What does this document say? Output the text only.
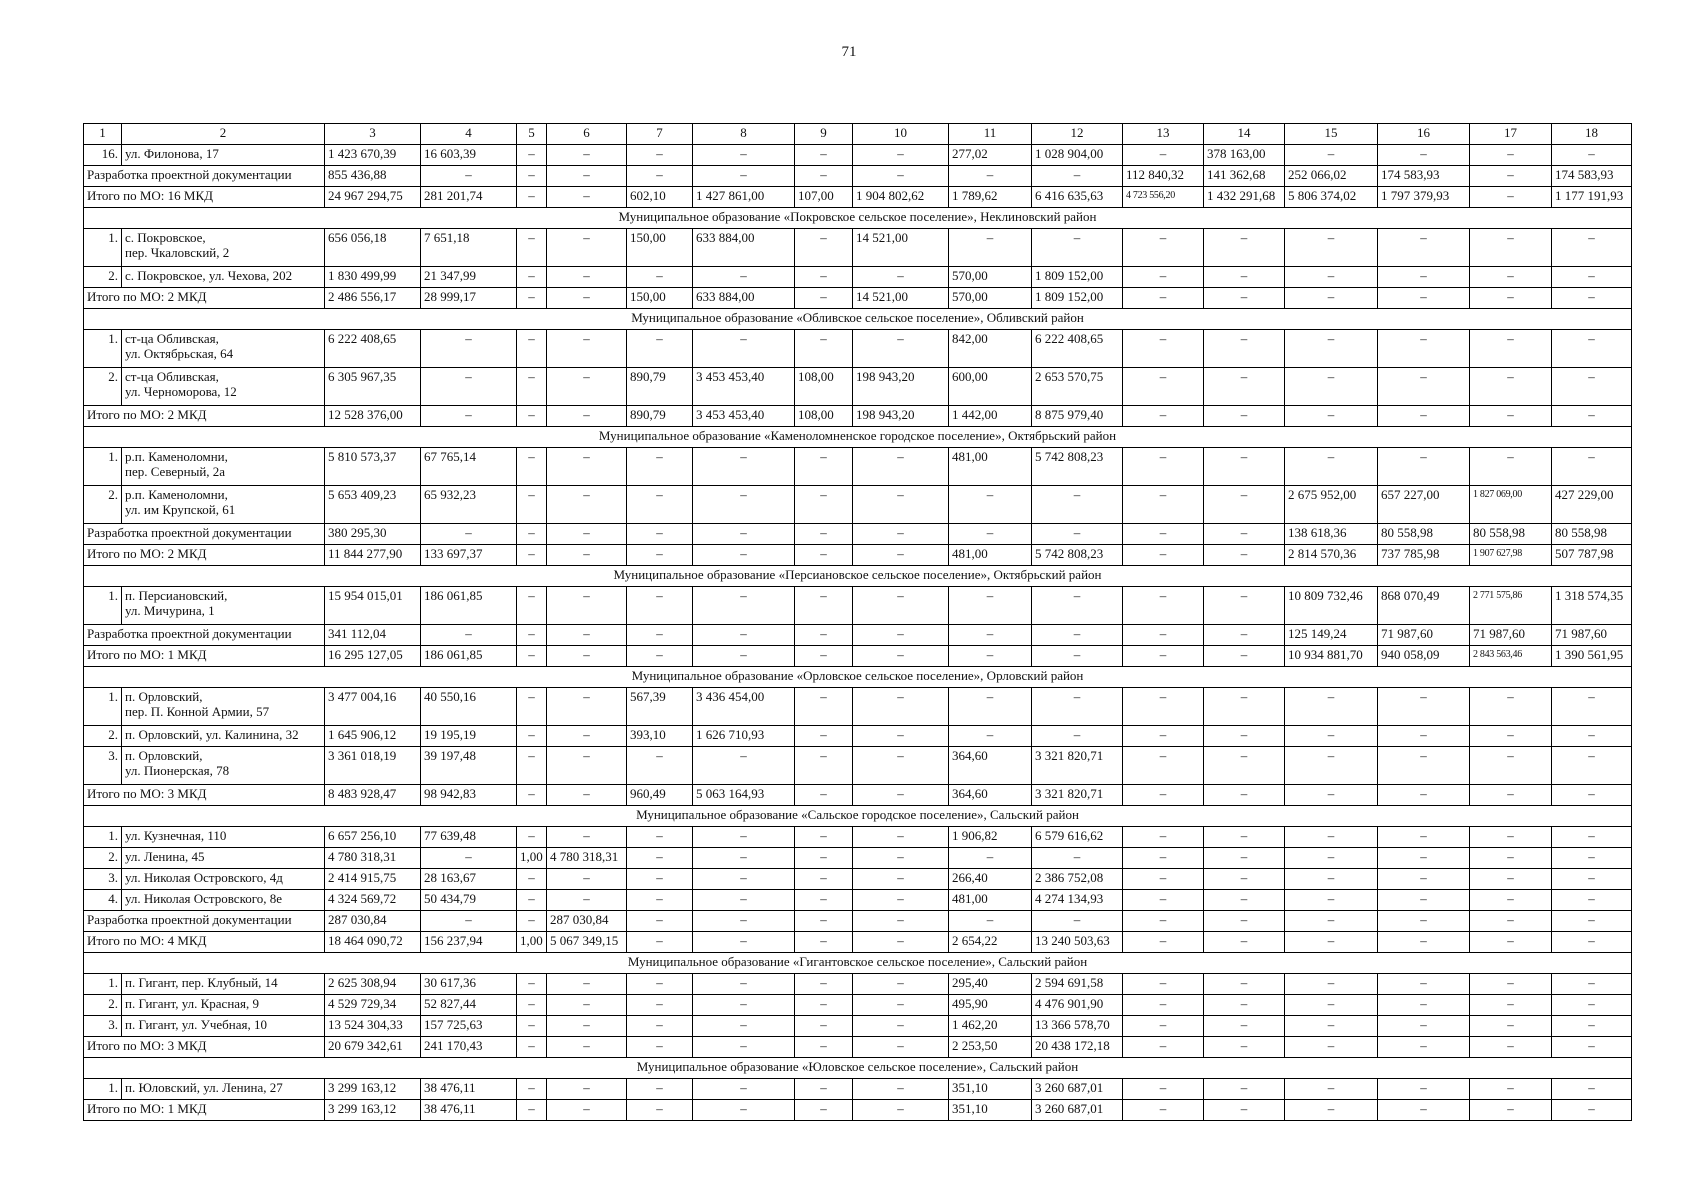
71
1	2	3	4	5	6	7	8	9	10	11	12	13	14	15	16	17	18
16.	ул. Филонова, 17	1 423 670,39	16 603,39	–	–	–	–	–	–	277,02	1 028 904,00	–	378 163,00	–	–	–	–
Разработка проектной документации		855 436,88	–	–	–	–	–	–	–	–	–	112 840,32	141 362,68	252 066,02	174 583,93	–	174 583,93
Итого по МО: 16 МКД		24 967 294,75	281 201,74	–	–	602,10	1 427 861,00	107,00	1 904 802,62	1 789,62	6 416 635,63	4 723 556,20	1 432 291,68	5 806 374,02	1 797 379,93	–	1 177 191,93
Муниципальное образование «Покровское сельское поселение», Неклиновский район																	
1.	с. Покровское,
пер. Чкаловский, 2	656 056,18	7 651,18	–	–	150,00	633 884,00	–	14 521,00	–	–	–	–	–	–	–	–
2.	с. Покровское, ул. Чехова, 202	1 830 499,99	21 347,99	–	–	–	–	–	–	570,00	1 809 152,00	–	–	–	–	–	–
Итого по МО: 2 МКД		2 486 556,17	28 999,17	–	–	150,00	633 884,00	–	14 521,00	570,00	1 809 152,00	–	–	–	–	–	–
Муниципальное образование «Обливское сельское поселение», Обливский район																	
1.	ст-ца Обливская,
ул. Октябрьская, 64	6 222 408,65	–	–	–	–	–	–	–	842,00	6 222 408,65	–	–	–	–	–	–
2.	ст-ца Обливская,
ул. Черноморова, 12	6 305 967,35	–	–	–	890,79	3 453 453,40	108,00	198 943,20	600,00	2 653 570,75	–	–	–	–	–	–
Итого по МО: 2 МКД		12 528 376,00	–	–	–	890,79	3 453 453,40	108,00	198 943,20	1 442,00	8 875 979,40	–	–	–	–	–	–
Муниципальное образование «Каменоломненское городское поселение», Октябрьский район																	
1.	р.п. Каменоломни,
пер. Северный, 2а	5 810 573,37	67 765,14	–	–	–	–	–	–	481,00	5 742 808,23	–	–	–	–	–	–
2.	р.п. Каменоломни,
ул. им Крупской, 61	5 653 409,23	65 932,23	–	–	–	–	–	–	–	–	–	–	2 675 952,00	657 227,00	1 827 069,00	427 229,00
Разработка проектной документации		380 295,30	–	–	–	–	–	–	–	–	–	–	–	138 618,36	80 558,98	80 558,98	80 558,98
Итого по МО: 2 МКД		11 844 277,90	133 697,37	–	–	–	–	–	–	481,00	5 742 808,23	–	–	2 814 570,36	737 785,98	1 907 627,98	507 787,98
Муниципальное образование «Персиановское сельское поселение», Октябрьский район																	
1.	п. Персиановский,
ул. Мичурина, 1	15 954 015,01	186 061,85	–	–	–	–	–	–	–	–	–	–	10 809 732,46	868 070,49	2 771 575,86	1 318 574,35
Разработка проектной документации		341 112,04	–	–	–	–	–	–	–	–	–	–	–	125 149,24	71 987,60	71 987,60	71 987,60
Итого по МО: 1 МКД		16 295 127,05	186 061,85	–	–	–	–	–	–	–	–	–	–	10 934 881,70	940 058,09	2 843 563,46	1 390 561,95
Муниципальное образование «Орловское сельское поселение», Орловский район																	
1.	п. Орловский,
пер. П. Конной Армии, 57	3 477 004,16	40 550,16	–	–	567,39	3 436 454,00	–	–	–	–	–	–	–	–	–	–
2.	п. Орловский, ул. Калинина, 32	1 645 906,12	19 195,19	–	–	393,10	1 626 710,93	–	–	–	–	–	–	–	–	–	–
3.	п. Орловский,
ул. Пионерская, 78	3 361 018,19	39 197,48	–	–	–	–	–	–	364,60	3 321 820,71	–	–	–	–	–	–
Итого по МО: 3 МКД		8 483 928,47	98 942,83	–	–	960,49	5 063 164,93	–	–	364,60	3 321 820,71	–	–	–	–	–	–
Муниципальное образование «Сальское городское поселение», Сальский район																	
1.	ул. Кузнечная, 110	6 657 256,10	77 639,48	–	–	–	–	–	–	1 906,82	6 579 616,62	–	–	–	–	–	–
2.	ул. Ленина, 45	4 780 318,31	–	1,00	4 780 318,31	–	–	–	–	–	–	–	–	–	–	–	–
3.	ул. Николая Островского, 4д	2 414 915,75	28 163,67	–	–	–	–	–	–	266,40	2 386 752,08	–	–	–	–	–	–
4.	ул. Николая Островского, 8е	4 324 569,72	50 434,79	–	–	–	–	–	–	481,00	4 274 134,93	–	–	–	–	–	–
Разработка проектной документации		287 030,84	–	–	287 030,84	–	–	–	–	–	–	–	–	–	–	–	–
Итого по МО: 4 МКД		18 464 090,72	156 237,94	1,00	5 067 349,15	–	–	–	–	2 654,22	13 240 503,63	–	–	–	–	–	–
Муниципальное образование «Гигантовское сельское поселение», Сальский район																	
1.	п. Гигант, пер. Клубный, 14	2 625 308,94	30 617,36	–	–	–	–	–	–	295,40	2 594 691,58	–	–	–	–	–	–
2.	п. Гигант, ул. Красная, 9	4 529 729,34	52 827,44	–	–	–	–	–	–	495,90	4 476 901,90	–	–	–	–	–	–
3.	п. Гигант, ул. Учебная, 10	13 524 304,33	157 725,63	–	–	–	–	–	–	1 462,20	13 366 578,70	–	–	–	–	–	–
Итого по МО: 3 МКД		20 679 342,61	241 170,43	–	–	–	–	–	–	2 253,50	20 438 172,18	–	–	–	–	–	–
Муниципальное образование «Юловское сельское поселение», Сальский район																	
1.	п. Юловский, ул. Ленина, 27	3 299 163,12	38 476,11	–	–	–	–	–	–	351,10	3 260 687,01	–	–	–	–	–	–
Итого по МО: 1 МКД		3 299 163,12	38 476,11	–	–	–	–	–	–	351,10	3 260 687,01	–	–	–	–	–	–
